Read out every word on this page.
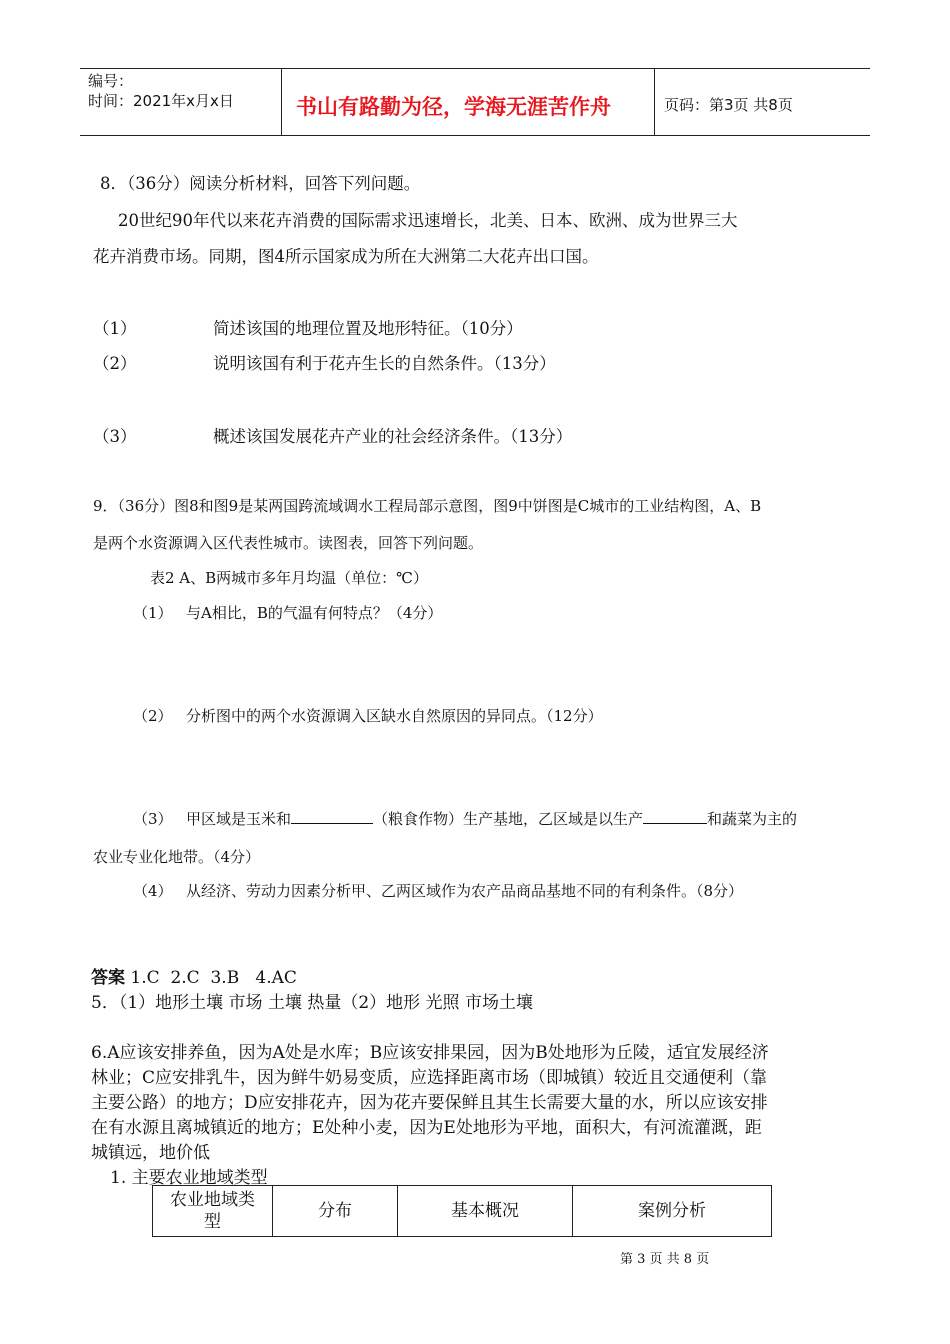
编号：
时间：2021年x月x日	书山有路勤为径，学海无涯苦作舟	页码：第3页 共8页
8．（36分）阅读分析材料，回答下列问题。
20世纪90年代以来花卉消费的国际需求迅速增长，北美、日本、欧洲、成为世界三大
花卉消费市场。同期，图4所示国家成为所在大洲第二大花卉出口国。
（1）	简述该国的地理位置及地形特征。（10分）
（2）	说明该国有利于花卉生长的自然条件。（13分）
（3）	概述该国发展花卉产业的社会经济条件。（13分）
9．（36分）图8和图9是某两国跨流域调水工程局部示意图，图9中饼图是C城市的工业结构图，A、B
是两个水资源调入区代表性城市。读图表，回答下列问题。
表2 A、B两城市多年月均温（单位：℃）
（1） 与A相比，B的气温有何特点？（4分）
（2） 分析图中的两个水资源调入区缺水自然原因的异同点。（12分）
（3） 甲区域是玉米和	（粮食作物）生产基地，乙区域是以生产	和蔬菜为主的
农业专业化地带。（4分）
（4） 从经济、劳动力因素分析甲、乙两区域作为农产品商品基地不同的有利条件。（8分）
答案 1.C  2.C  3.B   4.AC
5．（1）地形土壤 市场 土壤 热量（2）地形 光照 市场土壤
6.A应该安排养鱼，因为A处是水库；B应该安排果园，因为B处地形为丘陵，适宜发展经济
林业；C应安排乳牛，因为鲜牛奶易变质，应选择距离市场（即城镇）较近且交通便利（靠
主要公路）的地方；D应安排花卉，因为花卉要保鲜且其生长需要大量的水，所以应该安排
在有水源且离城镇近的地方；E处种小麦，因为E处地形为平地，面积大，有河流灌溉，距
城镇远，地价低
1. 主要农业地域类型
农业地域类型	分布	基本概况	案例分析
第 3 页 共 8 页
